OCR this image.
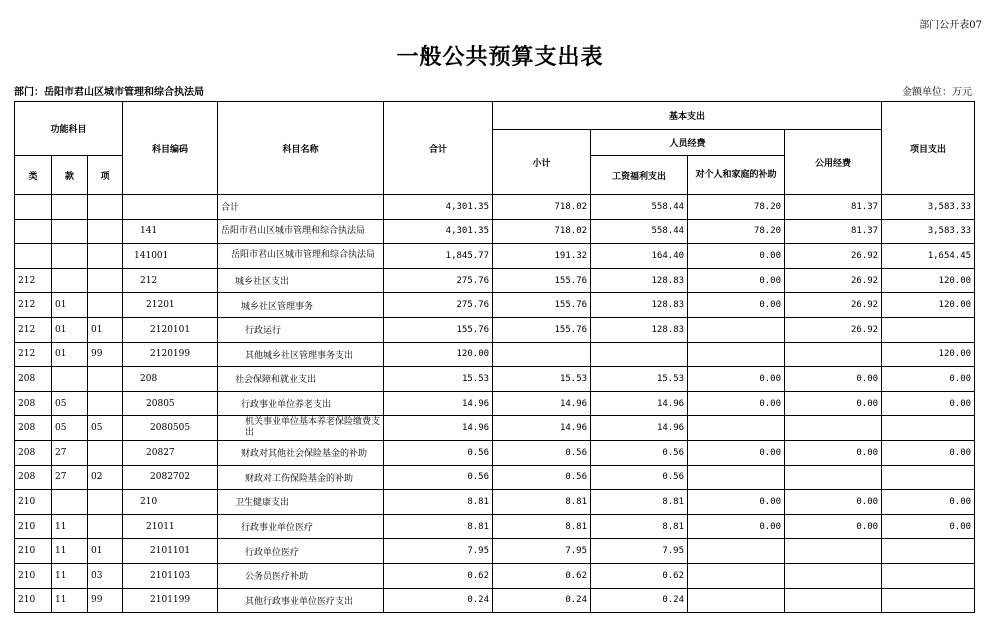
部门公开表07
一般公共预算支出表
部门：岳阳市君山区城市管理和综合执法局	金额单位：万元
功能科目			科目编码	科目名称	合计	基本支出				项目支出
						小计	人员经费		公用经费	
类	款	项					工资福利支出	对个人和家庭的补助		
				合计	4,301.35	718.02	558.44	78.20	81.37	3,583.33
			141	岳阳市君山区城市管理和综合执法局	4,301.35	718.02	558.44	78.20	81.37	3,583.33
			141001	岳阳市君山区城市管理和综合执法局	1,845.77	191.32	164.40	0.00	26.92	1,654.45
212			212	城乡社区支出	275.76	155.76	128.83	0.00	26.92	120.00
212	01		21201	城乡社区管理事务	275.76	155.76	128.83	0.00	26.92	120.00
212	01	01	2120101	行政运行	155.76	155.76	128.83		26.92	
212	01	99	2120199	其他城乡社区管理事务支出	120.00					120.00
208			208	社会保障和就业支出	15.53	15.53	15.53	0.00	0.00	0.00
208	05		20805	行政事业单位养老支出	14.96	14.96	14.96	0.00	0.00	0.00
208	05	05	2080505	机关事业单位基本养老保险缴费支出	14.96	14.96	14.96			
208	27		20827	财政对其他社会保险基金的补助	0.56	0.56	0.56	0.00	0.00	0.00
208	27	02	2082702	财政对工伤保险基金的补助	0.56	0.56	0.56			
210			210	卫生健康支出	8.81	8.81	8.81	0.00	0.00	0.00
210	11		21011	行政事业单位医疗	8.81	8.81	8.81	0.00	0.00	0.00
210	11	01	2101101	行政单位医疗	7.95	7.95	7.95			
210	11	03	2101103	公务员医疗补助	0.62	0.62	0.62			
210	11	99	2101199	其他行政事业单位医疗支出	0.24	0.24	0.24			
